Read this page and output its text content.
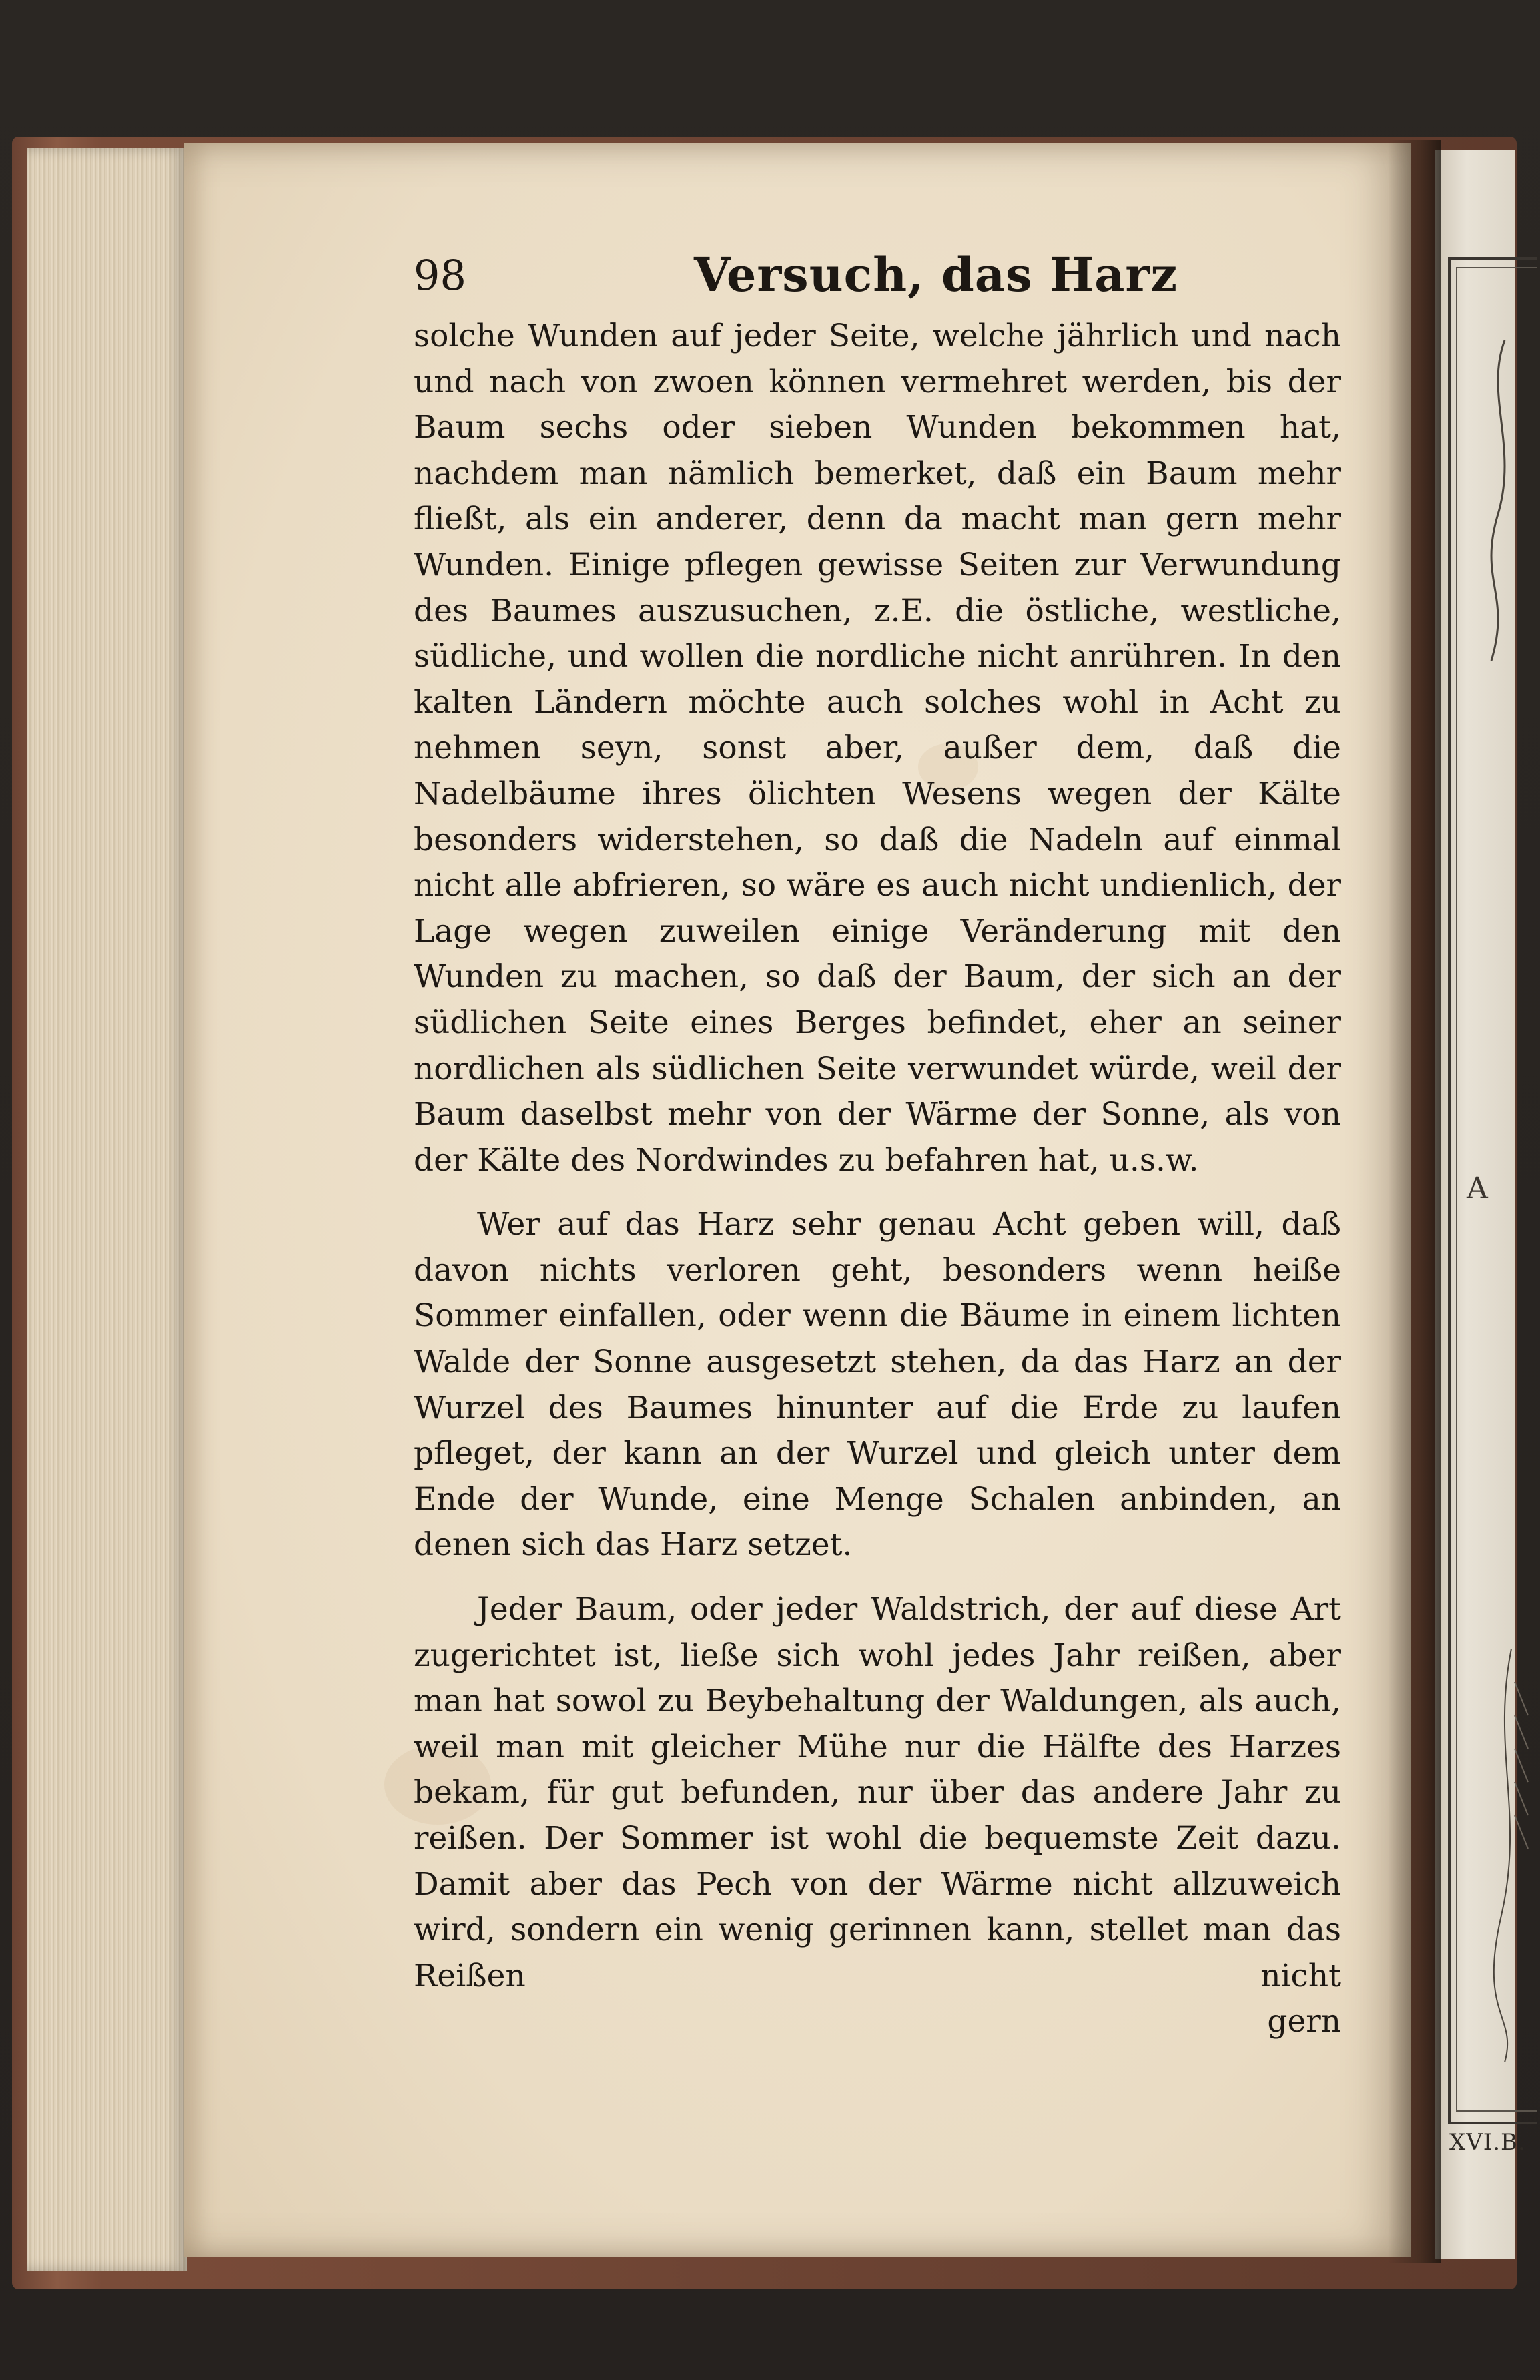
A
XVI.B.
98	Versuch, das Harz

solche Wunden auf jeder Seite, welche jährlich und nach und nach von zwoen können vermehret werden, bis der Baum sechs oder sieben Wunden bekommen hat, nachdem man nämlich bemerket, daß ein Baum mehr fließt, als ein anderer, denn da macht man gern mehr Wunden. Einige pflegen gewisse Seiten zur Verwundung des Baumes auszusuchen, z.E. die östliche, westliche, südliche, und wollen die nordliche nicht anrühren. In den kalten Ländern möchte auch solches wohl in Acht zu nehmen seyn, sonst aber, außer dem, daß die Nadelbäume ihres ölichten Wesens wegen der Kälte besonders widerstehen, so daß die Nadeln auf einmal nicht alle abfrieren, so wäre es auch nicht undienlich, der Lage wegen zuweilen einige Veränderung mit den Wunden zu machen, so daß der Baum, der sich an der südlichen Seite eines Berges befindet, eher an seiner nordlichen als südlichen Seite verwundet würde, weil der Baum daselbst mehr von der Wärme der Sonne, als von der Kälte des Nordwindes zu befahren hat, u.s.w.

Wer auf das Harz sehr genau Acht geben will, daß davon nichts verloren geht, besonders wenn heiße Sommer einfallen, oder wenn die Bäume in einem lichten Walde der Sonne ausgesetzt stehen, da das Harz an der Wurzel des Baumes hinunter auf die Erde zu laufen pfleget, der kann an der Wurzel und gleich unter dem Ende der Wunde, eine Menge Schalen anbinden, an denen sich das Harz setzet.

Jeder Baum, oder jeder Waldstrich, der auf diese Art zugerichtet ist, ließe sich wohl jedes Jahr reißen, aber man hat sowol zu Beybehaltung der Waldungen, als auch, weil man mit gleicher Mühe nur die Hälfte des Harzes bekam, für gut befunden, nur über das andere Jahr zu reißen. Der Sommer ist wohl die bequemste Zeit dazu. Damit aber das Pech von der Wärme nicht allzuweich wird, sondern ein wenig gerinnen kann, stellet man das Reißen nicht

gern
